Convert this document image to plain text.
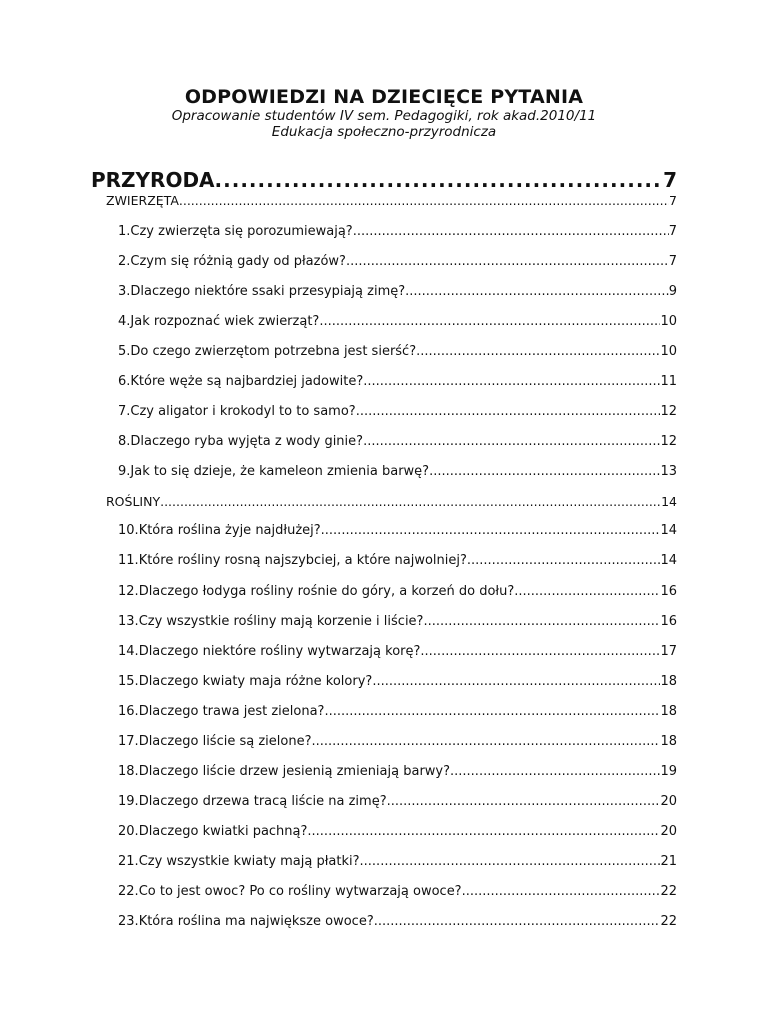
ODPOWIEDZI NA DZIECIĘCE PYTANIA
Opracowanie studentów IV sem. Pedagogiki, rok akad.2010/11
Edukacja społeczno-przyrodnicza
PRZYRODA .....	7
ZWIERZĘTA .....	7
1. Czy zwierzęta się porozumiewają? .....	7
2. Czym się różnią gady od płazów? .....	7
3. Dlaczego niektóre ssaki przesypiają zimę? .....	9
4. Jak rozpoznać wiek zwierząt? .....	10
5. Do czego zwierzętom potrzebna jest sierść? .....	10
6. Które węże są najbardziej jadowite? .....	11
7. Czy aligator i krokodyl to to samo? .....	12
8. Dlaczego ryba wyjęta z wody ginie? .....	12
9. Jak to się dzieje, że kameleon zmienia barwę? .....	13
ROŚLINY .....	14
10. Która roślina żyje najdłużej? .....	14
11. Które rośliny rosną najszybciej, a które najwolniej? .....	14
12. Dlaczego łodyga rośliny rośnie do góry, a korzeń do dołu? .....	16
13. Czy wszystkie rośliny mają korzenie i liście? .....	16
14. Dlaczego niektóre rośliny wytwarzają korę? .....	17
15. Dlaczego kwiaty maja różne kolory? .....	18
16. Dlaczego trawa jest zielona? .....	18
17. Dlaczego liście są zielone? .....	18
18. Dlaczego liście drzew jesienią zmieniają barwy? .....	19
19. Dlaczego drzewa tracą liście na zimę? .....	20
20. Dlaczego kwiatki pachną? .....	20
21. Czy wszystkie kwiaty mają płatki? .....	21
22. Co to jest owoc? Po co rośliny wytwarzają owoce? .....	22
23. Która roślina ma największe owoce? .....	22
